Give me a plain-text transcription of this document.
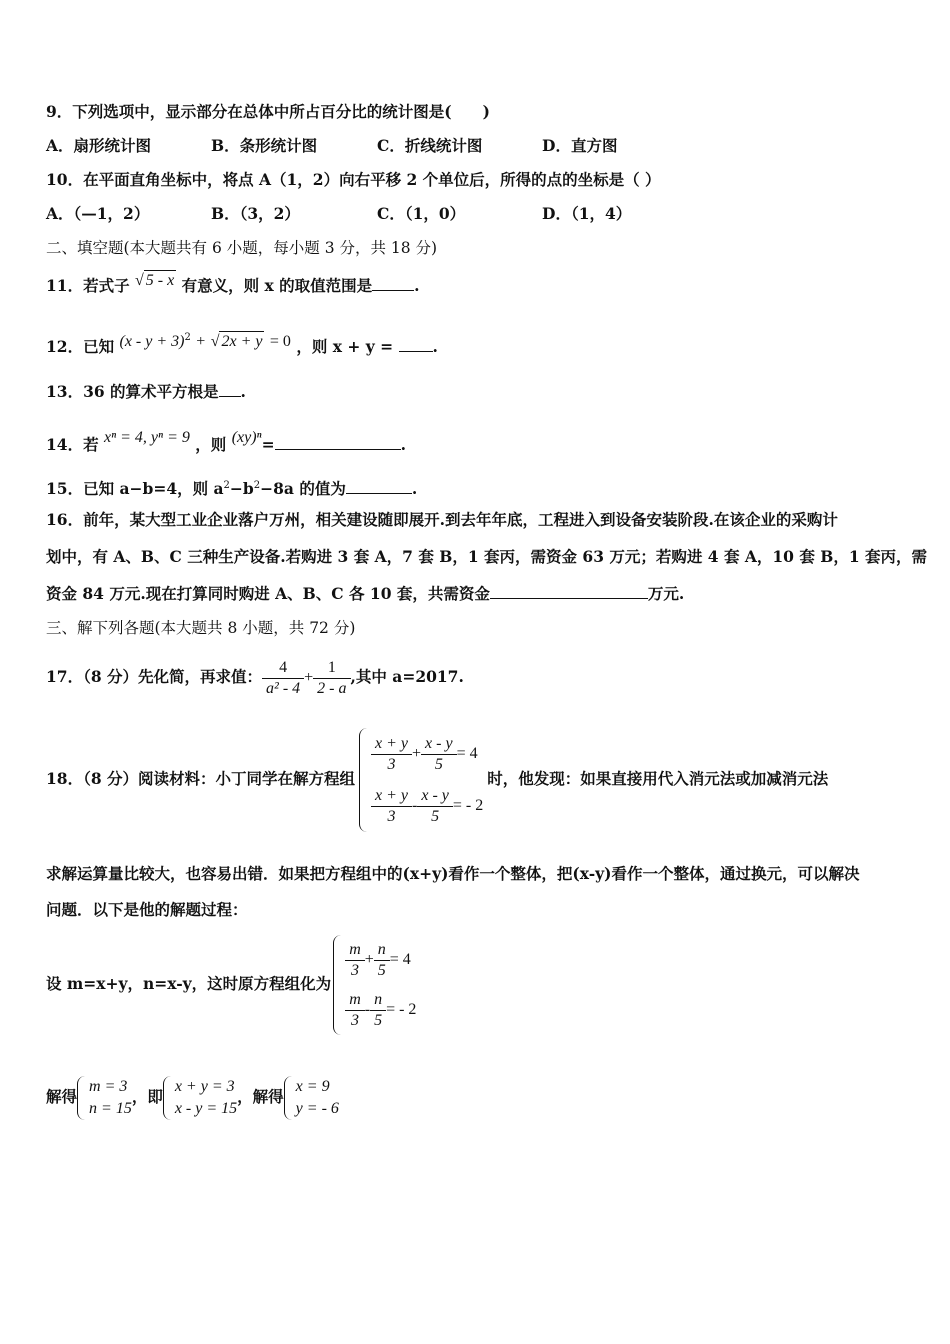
9．下列选项中，显示部分在总体中所占百分比的统计图是(　　)
A．扇形统计图	B．条形统计图	C．折线统计图	D．直方图
10．在平面直角坐标中，将点 A（1，2）向右平移 2 个单位后，所得的点的坐标是（ ）
A．（—1，2）	B．（3，2）	C．（1，0）	D．（1，4）
二、填空题(本大题共有 6 小题，每小题 3 分，共 18 分)
11．若式子 √ 5 - x 有意义，则 x 的取值范围是	.
12．已知 $(x - y + 3)^2$ + √ 2x + y = 0 ，则 x + y =	.
13．36 的算术平方根是 .
14．若 xⁿ = 4, yⁿ = 9 ，则 (xy)ⁿ=	.
15．已知 a−b=4，则 $a^2-b^2-8a$ 的值为	.
16．前年，某大型工业企业落户万州，相关建设随即展开.到去年年底，工程进入到设备安装阶段.在该企业的采购计
划中，有 A、B、C 三种生产设备.若购进 3 套 A，7 套 B，1 套丙，需资金 63 万元；若购进 4 套 A，10 套 B，1 套丙，需
资金 84 万元.现在打算同时购进 A、B、C 各 10 套，共需资金	万元.
三、解下列各题(本大题共 8 小题，共 72 分)
17．（8 分）先化简，再求值： $\frac{4}{\text{a² - 4}} + \frac{1}{2 - a}$ ,其中 a=2017.
18．（8 分）阅读材料：小丁同学在解方程组
$\frac{x + y}{3} + \frac{x - y}{5} = 4$
$\frac{x + y}{3} - \frac{x - y}{5}$ = - 2
时，他发现：如果直接用代入消元法或加减消元法
求解运算量比较大，也容易出错．如果把方程组中的(x+y)看作一个整体，把(x-y)看作一个整体，通过换元，可以解决
问题．以下是他的解题过程：
设 m=x+y，n=x-y，这时原方程组化为
$\frac{m}{3} + \frac{n}{5} = 4$
$\frac{m}{3} - \frac{n}{5}$ = - 2
解得
m = 3
n = 15
，即
x + y = 3
x - y = 15
，解得
x = 9
y = - 6
